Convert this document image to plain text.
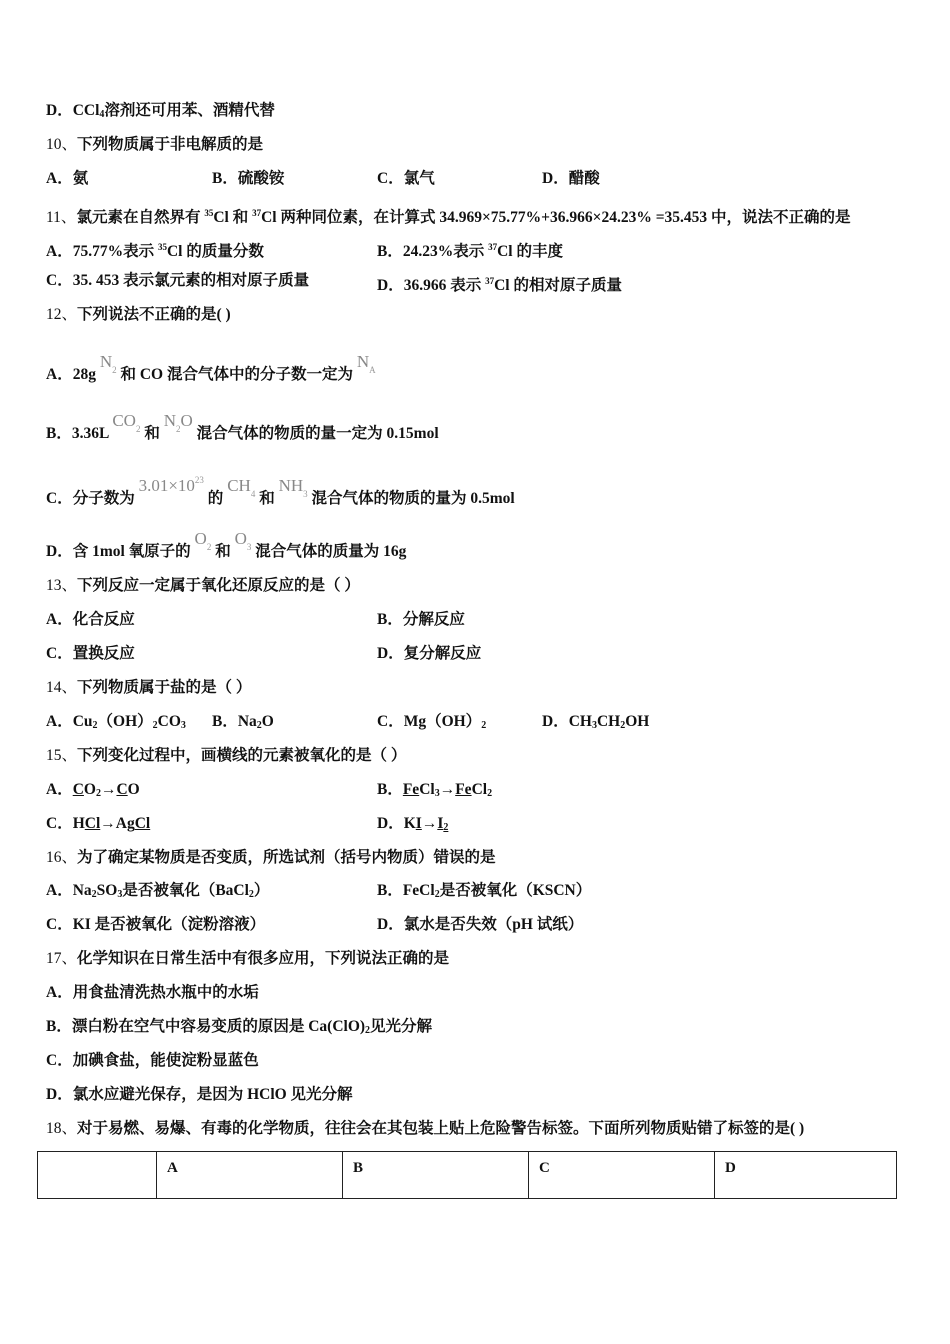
D．CCl4溶剂还可用苯、酒精代替
10、下列物质属于非电解质的是
A．氨	B．硫酸铵	C．氯气	D．醋酸
11、氯元素在自然界有 $^{35}$Cl 和 $^{37}$Cl 两种同位素，在计算式 34.969×75.77%+36.966×24.23% =35.453 中，说法不正确的是
A．75.77%表示 $^{35}$Cl 的质量分数	B．24.23%表示 $^{37}$Cl 的丰度
C．35. 453 表示氯元素的相对原子质量	D．36.966 表示 $^{37}$Cl 的相对原子质量
12、下列说法不正确的是( )
A．28g $N^2$ 和 CO 混合气体中的分子数一定为 $N^A$
B．3.36L $CO^2$ 和 $N^2O$ 混合气体的物质的量一定为 0.15mol
C．分子数为 $3.01\times 10^{23}$ 的 $CH^4$ 和 $NH^3$ 混合气体的物质的量为 0.5mol
D．含 1mol 氧原子的 $O^2$ 和 $O^3$ 混合气体的质量为 16g
13、下列反应一定属于氧化还原反应的是（ ）
A．化合反应	B．分解反应
C．置换反应	D．复分解反应
14、下列物质属于盐的是（ ）
A．Cu2（OH）2CO3 B．Na2O	C．Mg（OH）2	D．CH3CH2OH
15、下列变化过程中，画横线的元素被氧化的是（ ）
A．CO2→CO	B．FeCl3→FeCl2
C．HCl→AgCl	D．KI→I2
16、为了确定某物质是否变质，所选试剂（括号内物质）错误的是
A．Na2SO3是否被氧化（BaCl2）	B．FeCl2是否被氧化（KSCN）
C．KI 是否被氧化（淀粉溶液）	D．氯水是否失效（pH 试纸）
17、化学知识在日常生活中有很多应用，下列说法正确的是
A．用食盐清洗热水瓶中的水垢
B．漂白粉在空气中容易变质的原因是 Ca(ClO)2见光分解
C．加碘食盐，能使淀粉显蓝色
D．氯水应避光保存，是因为 HClO 见光分解
18、对于易燃、易爆、有毒的化学物质，往往会在其包装上贴上危险警告标签。下面所列物质贴错了标签的是( )
	A	B	C	D
